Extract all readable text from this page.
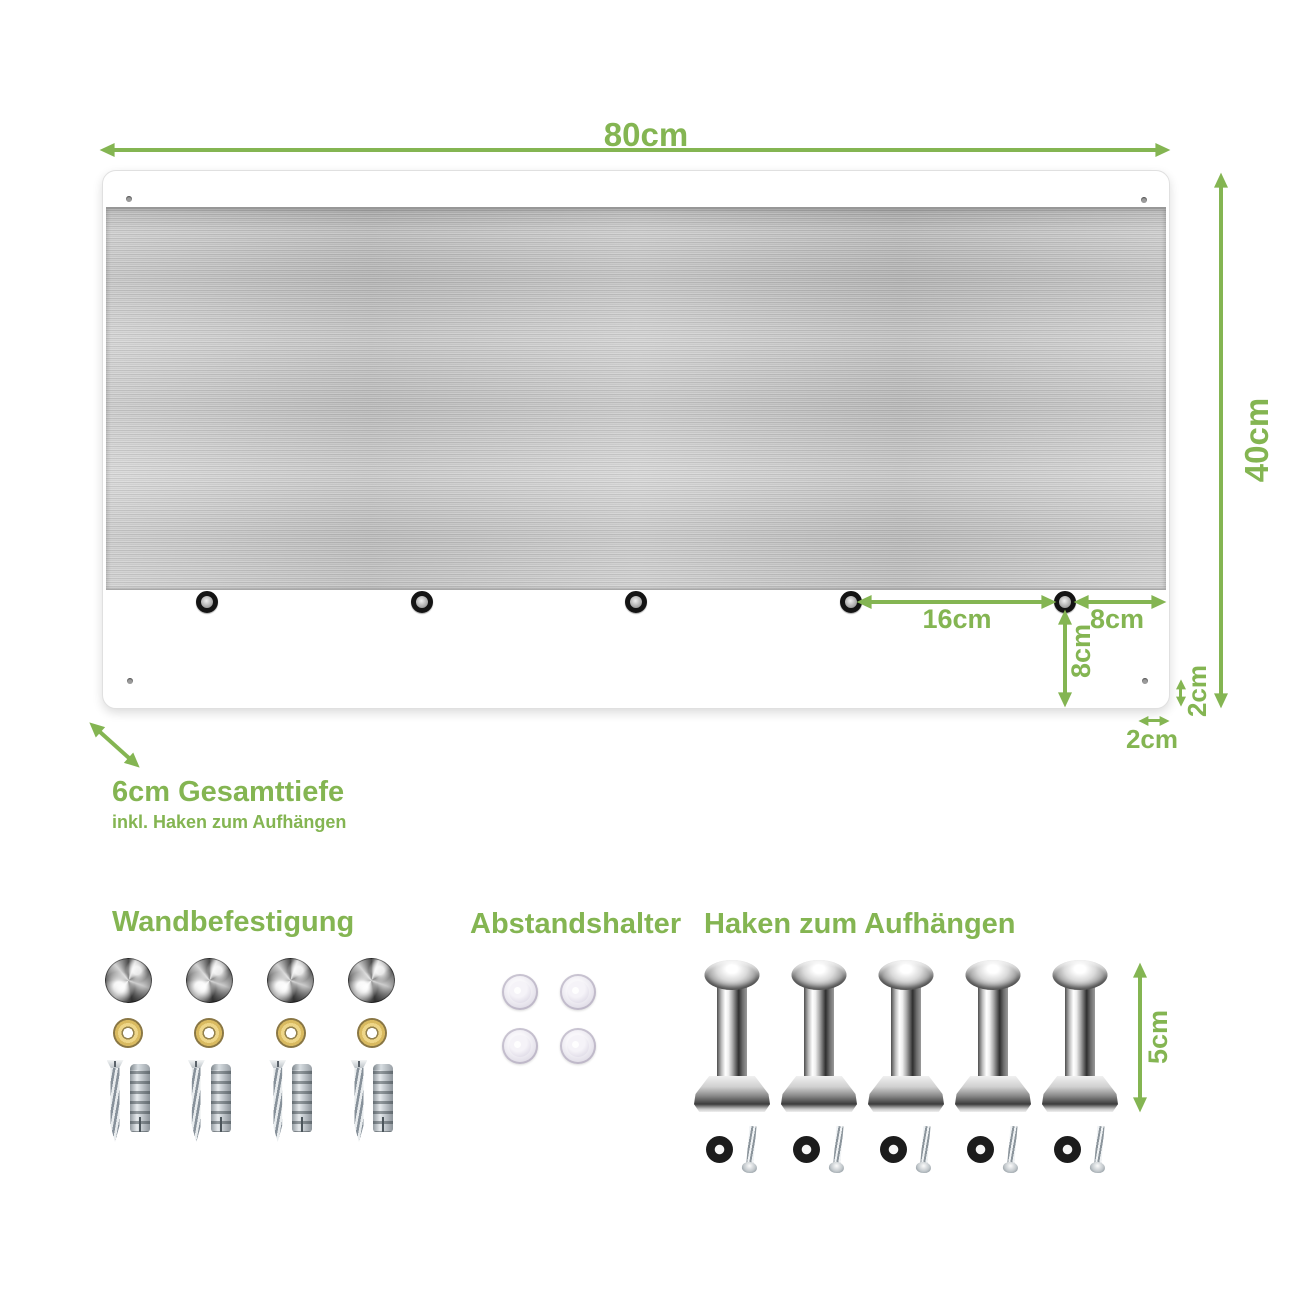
80cm
40cm
16cm	8cm
8cm
2cm
2cm
6cm Gesamttiefe
inkl. Haken zum Aufhängen
Wandbefestigung	Abstandshalter Haken zum Aufhängen
5cm
